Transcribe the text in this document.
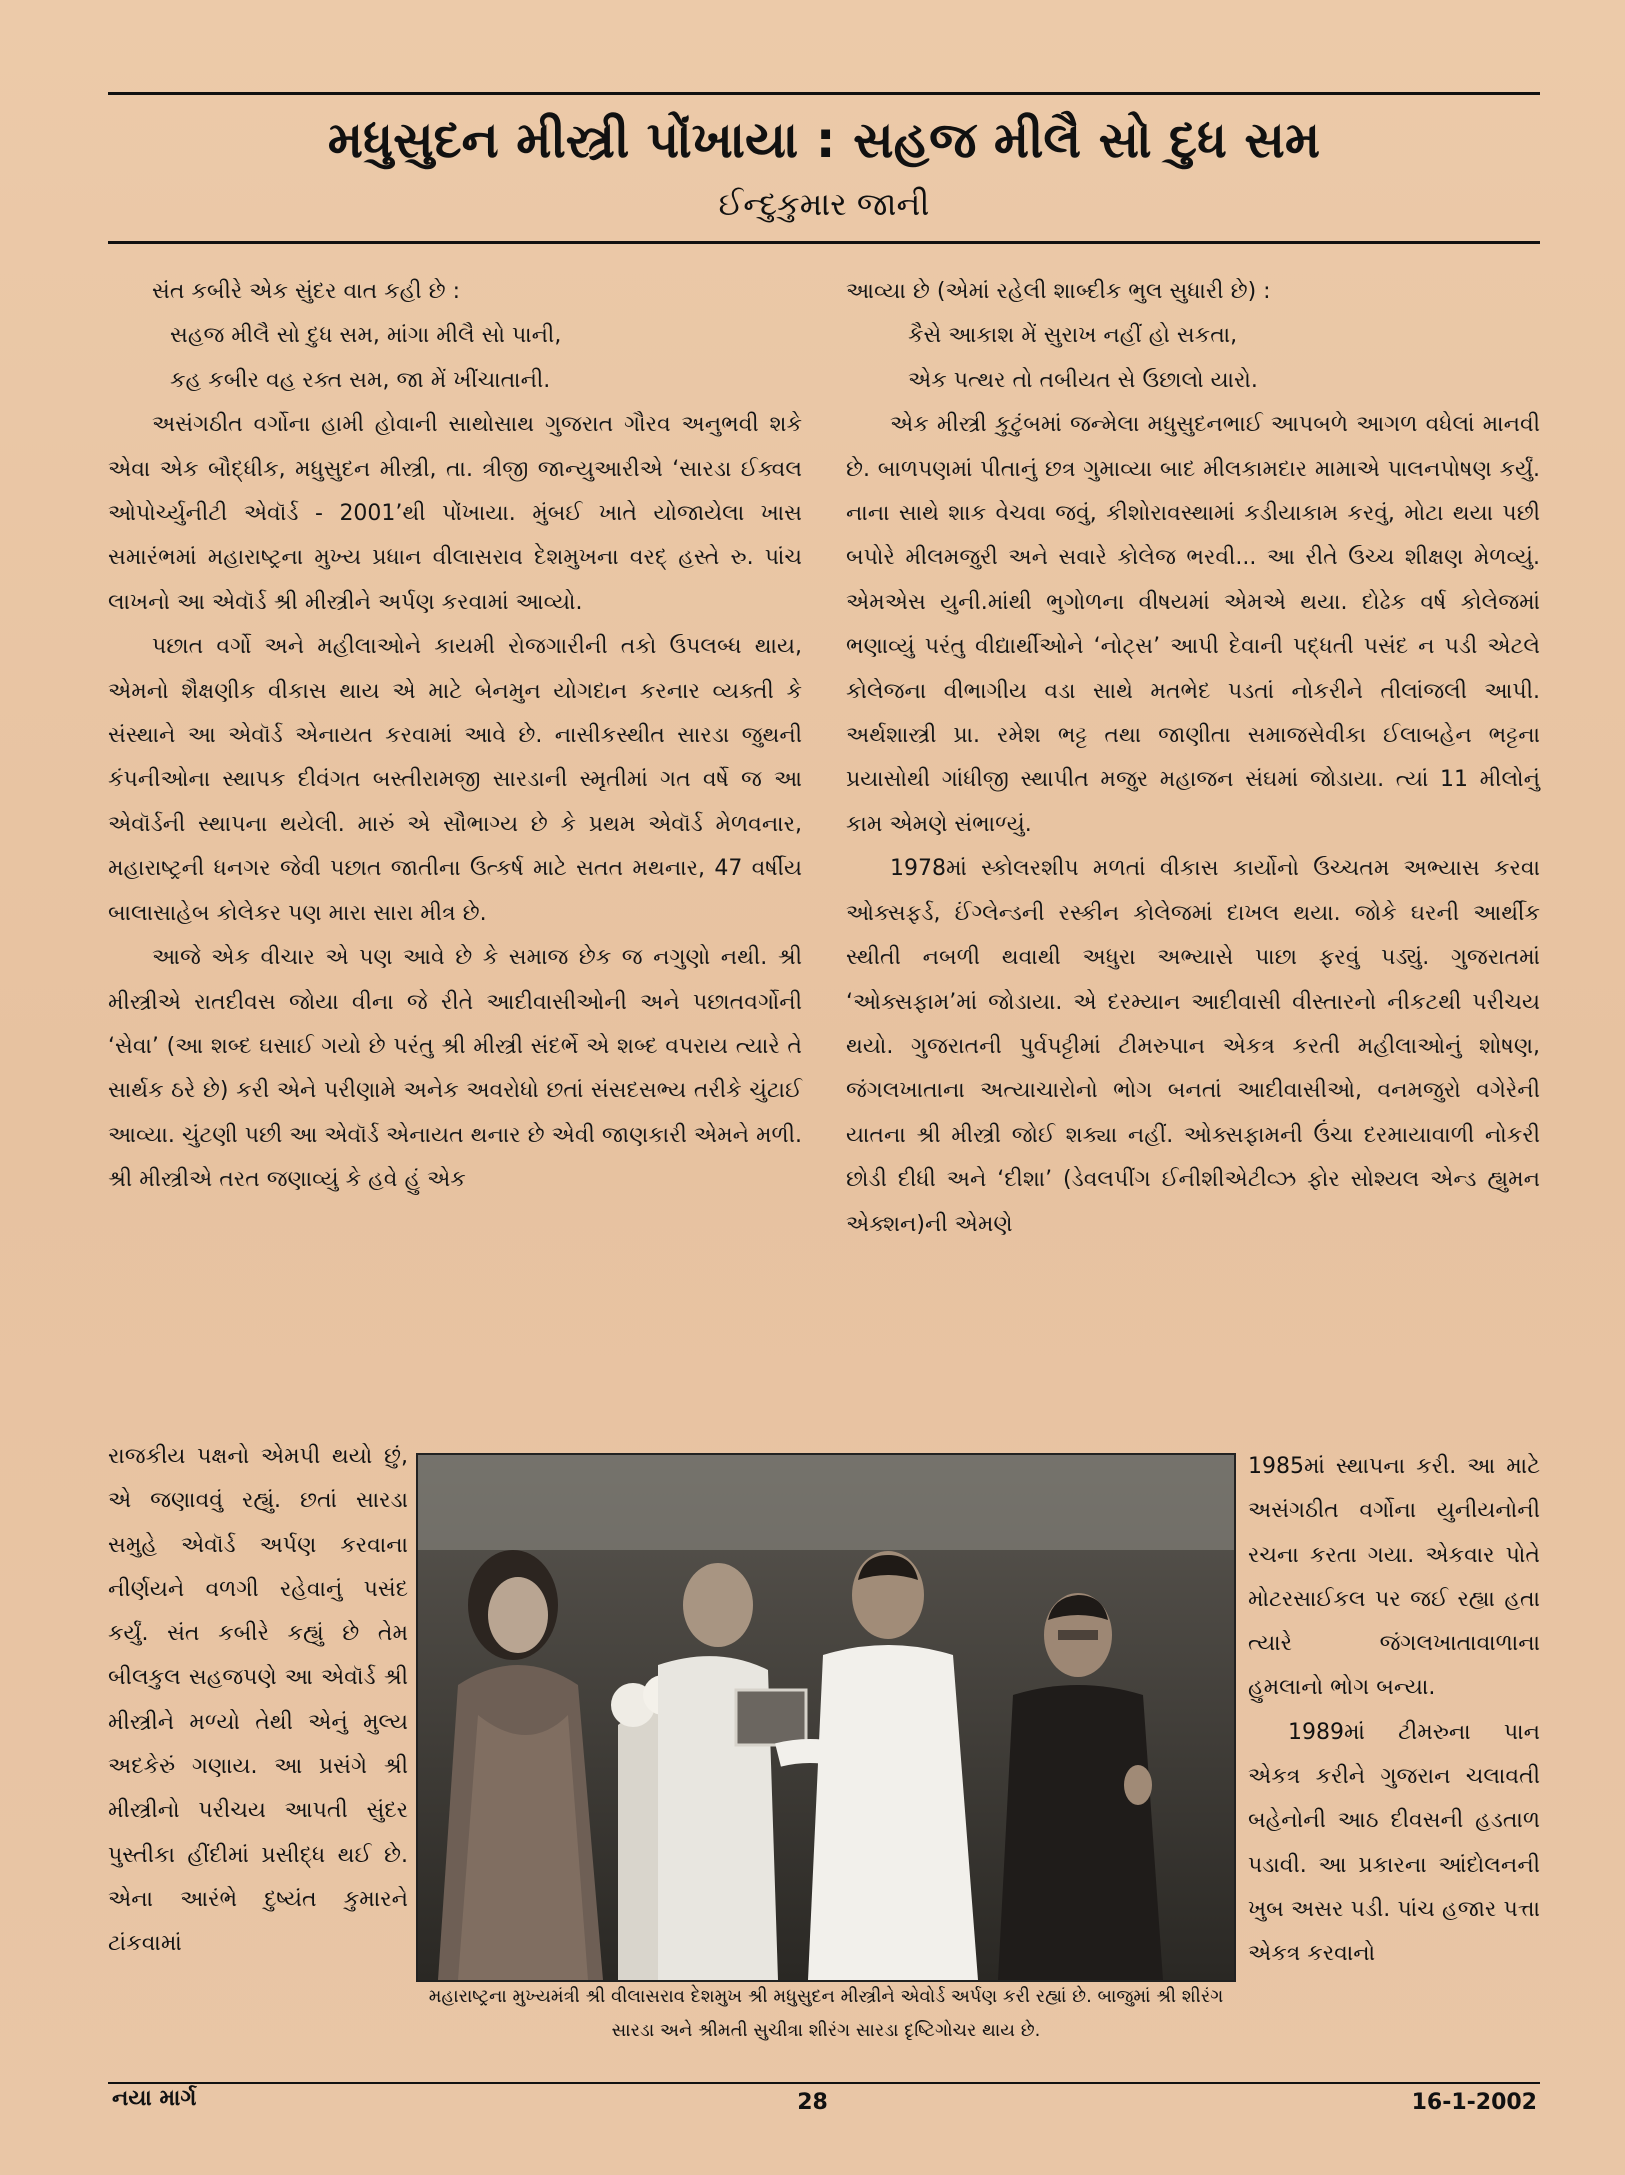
મધુસુદન મીસ્ત્રી પોંખાયા : સહજ મીલૈ સો દુધ સમ
ઈન્દુકુમાર જાની

સંત કબીરે એક સુંદર વાત કહી છે :

સહજ મીલૈ સો દુધ સમ, માંગા મીલૈ સો પાની,

કહ કબીર વહ રક્ત સમ, જા મેં ખીંચાતાની.

અસંગઠીત વર્ગોના હામી હોવાની સાથોસાથ ગુજરાત ગૌરવ અનુભવી શકે એવા એક બૌદ્ધીક, મધુસુદન મીસ્ત્રી, તા. ત્રીજી જાન્યુઆરીએ ‘સારડા ઈક્વલ ઓપોર્ચ્યુનીટી એવૉર્ડ - 2001’થી પોંખાયા. મુંબઈ ખાતે યોજાયેલા ખાસ સમારંભમાં મહારાષ્ટ્રના મુખ્ય પ્રધાન વીલાસરાવ દેશમુખના વરદ્ હસ્તે રુ. પાંચ લાખનો આ એવૉર્ડ શ્રી મીસ્ત્રીને અર્પણ કરવામાં આવ્યો.

પછાત વર્ગો અને મહીલાઓને કાયમી રોજગારીની તકો ઉપલબ્ધ થાય, એમનો શૈક્ષણીક વીકાસ થાય એ માટે બેનમુન યોગદાન કરનાર વ્યક્તી કે સંસ્થાને આ એવૉર્ડ એનાયત કરવામાં આવે છે. નાસીકસ્થીત સારડા જુથની કંપનીઓના સ્થાપક દીવંગત બસ્તીરામજી સારડાની સ્મૃતીમાં ગત વર્ષે જ આ એવૉર્ડની સ્થાપના થયેલી. મારું એ સૌભાગ્ય છે કે પ્રથમ એવૉર્ડ મેળવનાર, મહારાષ્ટ્રની ધનગર જેવી પછાત જાતીના ઉત્કર્ષ માટે સતત મથનાર, 47 વર્ષીય બાલાસાહેબ કોલેકર પણ મારા સારા મીત્ર છે.

આજે એક વીચાર એ પણ આવે છે કે સમાજ છેક જ નગુણો નથી. શ્રી મીસ્ત્રીએ રાતદીવસ જોયા વીના જે રીતે આદીવાસીઓની અને પછાતવર્ગોની ‘સેવા’ (આ શબ્દ ઘસાઈ ગયો છે પરંતુ શ્રી મીસ્ત્રી સંદર્ભે એ શબ્દ વપરાય ત્યારે તે સાર્થક ઠરે છે) કરી એને પરીણામે અનેક અવરોધો છતાં સંસદસભ્ય તરીકે ચુંટાઈ આવ્યા. ચુંટણી પછી આ એવૉર્ડ એનાયત થનાર છે એવી જાણકારી એમને મળી. શ્રી મીસ્ત્રીએ તરત જણાવ્યું કે હવે હું એક

રાજકીય પક્ષનો એમપી થયો છું, એ જણાવવું રહ્યું. છતાં સારડા સમુહે એવૉર્ડ અર્પણ કરવાના નીર્ણયને વળગી રહેવાનું પસંદ કર્યું. સંત કબીરે કહ્યું છે તેમ બીલકુલ સહજપણે આ એવૉર્ડ શ્રી મીસ્ત્રીને મળ્યો તેથી એનું મુલ્ય અદકેરું ગણાય. આ પ્રસંગે શ્રી મીસ્ત્રીનો પરીચય આપતી સુંદર પુસ્તીકા હીંદીમાં પ્રસીદ્ધ થઈ છે. એના આરંભે દુષ્યંત કુમારને ટાંકવામાં

આવ્યા છે (એમાં રહેલી શાબ્દીક ભુલ સુધારી છે) :

કૈસે આકાશ મેં સુરાખ નહીં હો સકતા,

એક પત્થર તો તબીયત સે ઉછાલો યારો.

એક મીસ્ત્રી કુટુંબમાં જન્મેલા મધુસુદનભાઈ આપબળે આગળ વધેલાં માનવી છે. બાળપણમાં પીતાનું છત્ર ગુમાવ્યા બાદ મીલકામદાર મામાએ પાલનપોષણ કર્યું. નાના સાથે શાક વેચવા જવું, કીશોરાવસ્થામાં કડીયાકામ કરવું, મોટા થયા પછી બપોરે મીલમજુરી અને સવારે કોલેજ ભરવી... આ રીતે ઉચ્ચ શીક્ષણ મેળવ્યું. એમએસ યુની.માંથી ભુગોળના વીષયમાં એમએ થયા. દોઢેક વર્ષ કોલેજમાં ભણાવ્યું પરંતુ વીદ્યાર્થીઓને ‘નોટ્સ’ આપી દેવાની પદ્ધતી પસંદ ન પડી એટલે કોલેજના વીભાગીય વડા સાથે મતભેદ પડતાં નોકરીને તીલાંજલી આપી. અર્થશાસ્ત્રી પ્રા. રમેશ ભટ્ટ તથા જાણીતા સમાજસેવીકા ઈલાબહેન ભટ્ટના પ્રયાસોથી ગાંધીજી સ્થાપીત મજુર મહાજન સંઘમાં જોડાયા. ત્યાં 11 મીલોનું કામ એમણે સંભાળ્યું.

1978માં સ્કોલરશીપ મળતાં વીકાસ કાર્યોનો ઉચ્ચતમ અભ્યાસ કરવા ઓક્સફર્ડ, ઈંગ્લેન્ડની રસ્કીન કોલેજમાં દાખલ થયા. જોકે ઘરની આર્થીક સ્થીતી નબળી થવાથી અધુરા અભ્યાસે પાછા ફરવું પડ્યું. ગુજરાતમાં ‘ઓક્સફામ’માં જોડાયા. એ દરમ્યાન આદીવાસી વીસ્તારનો નીકટથી પરીચય થયો. ગુજરાતની પુર્વપટ્ટીમાં ટીમરુપાન એકત્ર કરતી મહીલાઓનું શોષણ, જંગલખાતાના અત્યાચારોનો ભોગ બનતાં આદીવાસીઓ, વનમજુરો વગેરેની યાતના શ્રી મીસ્ત્રી જોઈ શક્યા નહીં. ઓક્સફામની ઉંચા દરમાયાવાળી નોકરી છોડી દીધી અને ‘દીશા’ (ડેવલપીંગ ઈનીશીએટીવ્ઝ ફોર સોશ્યલ એન્ડ હ્યુમન એક્શન)ની એમણે

મહારાષ્ટ્રના મુખ્યમંત્રી શ્રી વીલાસરાવ દેશમુખ શ્રી મધુસુદન મીસ્ત્રીને એવોર્ડ અર્પણ કરી રહ્યાં છે. બાજુમાં શ્રી શીરંગ સારડા અને શ્રીમતી સુચીત્રા શીરંગ સારડા દૃષ્ટિગોચર થાય છે.

1985માં સ્થાપના કરી. આ માટે અસંગઠીત વર્ગોના યુનીયનોની રચના કરતા ગયા. એકવાર પોતે મોટરસાઈકલ પર જઈ રહ્યા હતા ત્યારે જંગલખાતાવાળાના હુમલાનો ભોગ બન્યા.

1989માં ટીમરુના પાન એકત્ર કરીને ગુજરાન ચલાવતી બહેનોની આઠ દીવસની હડતાળ પડાવી. આ પ્રકારના આંદોલનની ખુબ અસર પડી. પાંચ હજાર પત્તા એકત્ર કરવાનો

નયા માર્ગ	28	16-1-2002
